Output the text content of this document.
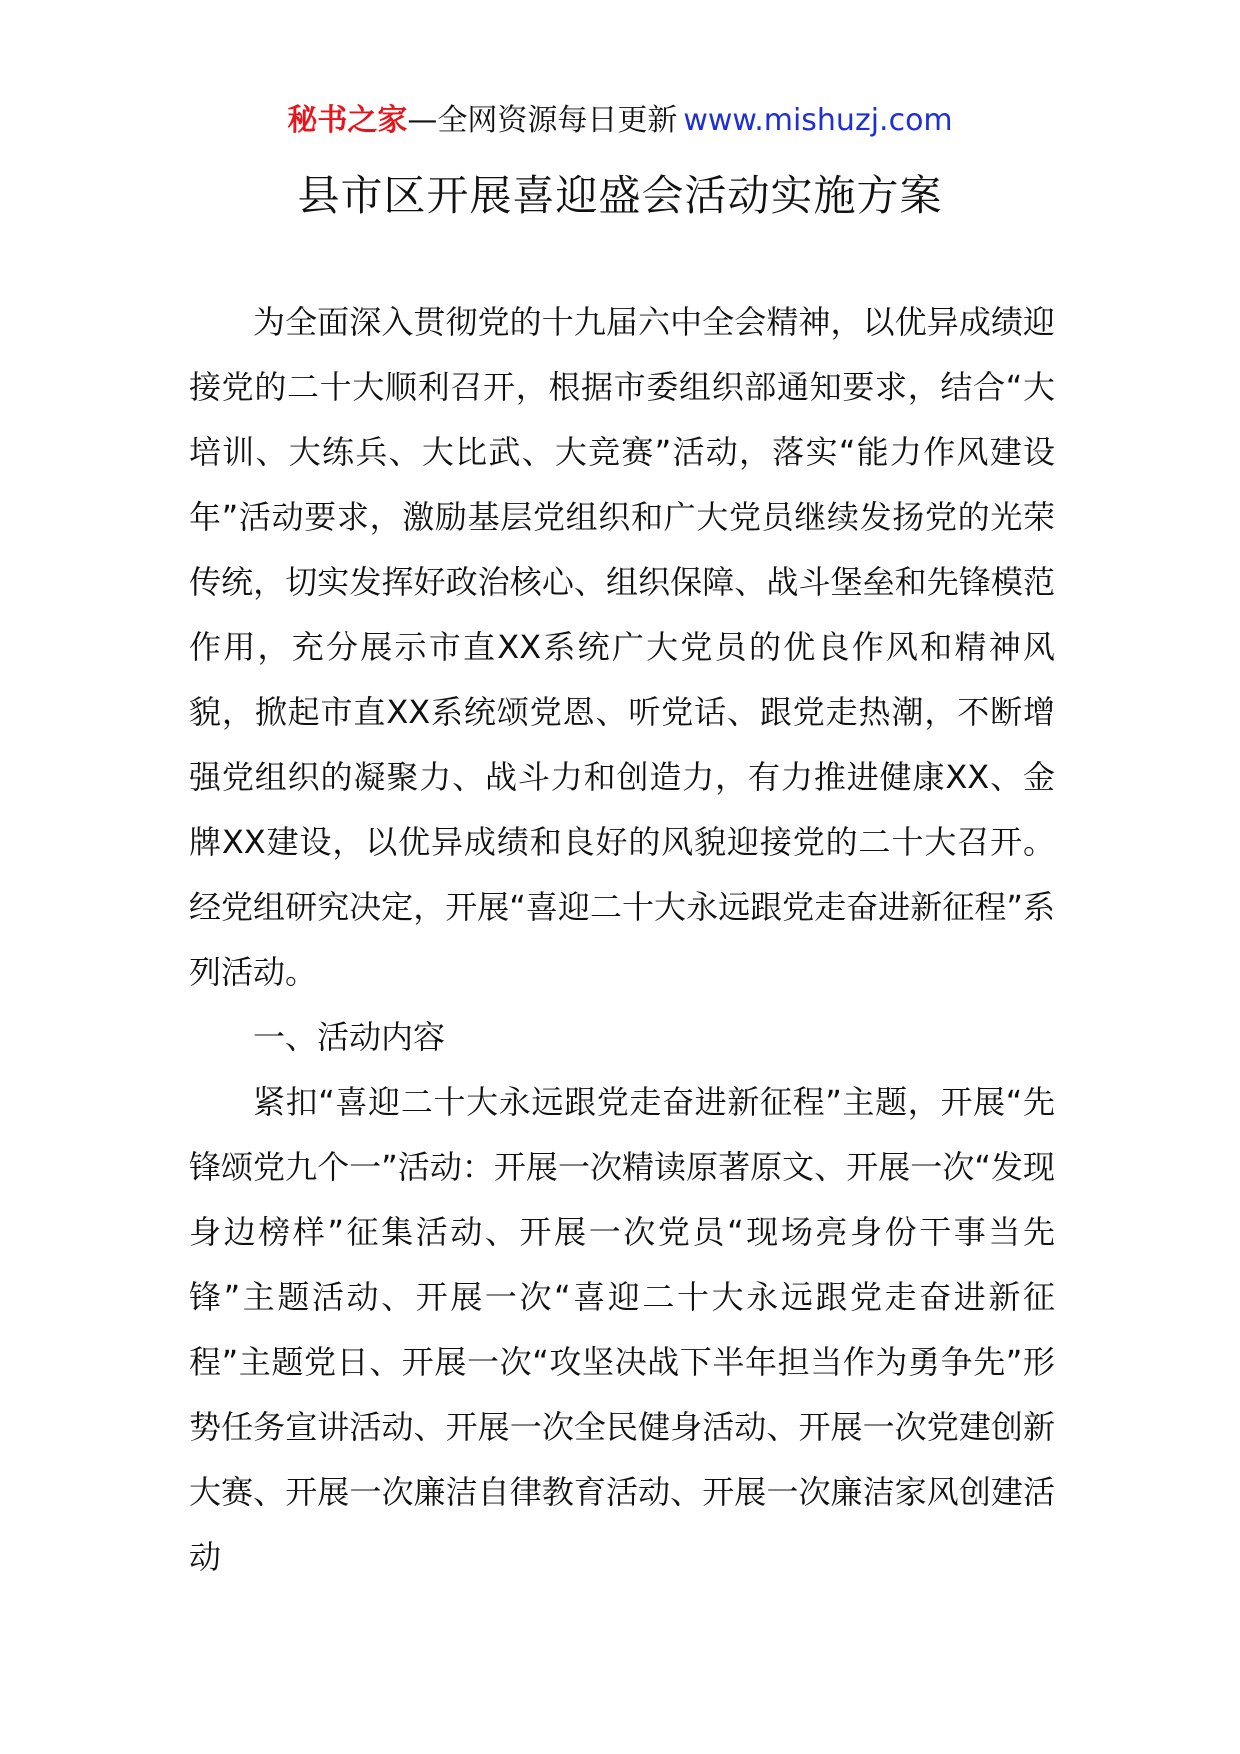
秘书之家—全网资源每日更新 www.mishuzj.com
县市区开展喜迎盛会活动实施方案

为全面深入贯彻党的十九届六中全会精神，以优异成绩迎接党的二十大顺利召开，根据市委组织部通知要求，结合“大培训、大练兵、大比武、大竞赛”活动，落实“能力作风建设年”活动要求，激励基层党组织和广大党员继续发扬党的光荣传统，切实发挥好政治核心、组织保障、战斗堡垒和先锋模范作用，充分展示市直XX系统广大党员的优良作风和精神风貌，掀起市直XX系统颂党恩、听党话、跟党走热潮，不断增强党组织的凝聚力、战斗力和创造力，有力推进健康XX、金牌XX建设，以优异成绩和良好的风貌迎接党的二十大召开。经党组研究决定，开展“喜迎二十大永远跟党走奋进新征程”系列活动。

一、活动内容

紧扣“喜迎二十大永远跟党走奋进新征程”主题，开展“先锋颂党九个一”活动：开展一次精读原著原文、开展一次“发现身边榜样”征集活动、开展一次党员“现场亮身份干事当先锋”主题活动、开展一次“喜迎二十大永远跟党走奋进新征程”主题党日、开展一次“攻坚决战下半年担当作为勇争先”形势任务宣讲活动、开展一次全民健身活动、开展一次党建创新大赛、开展一次廉洁自律教育活动、开展一次廉洁家风创建活动
